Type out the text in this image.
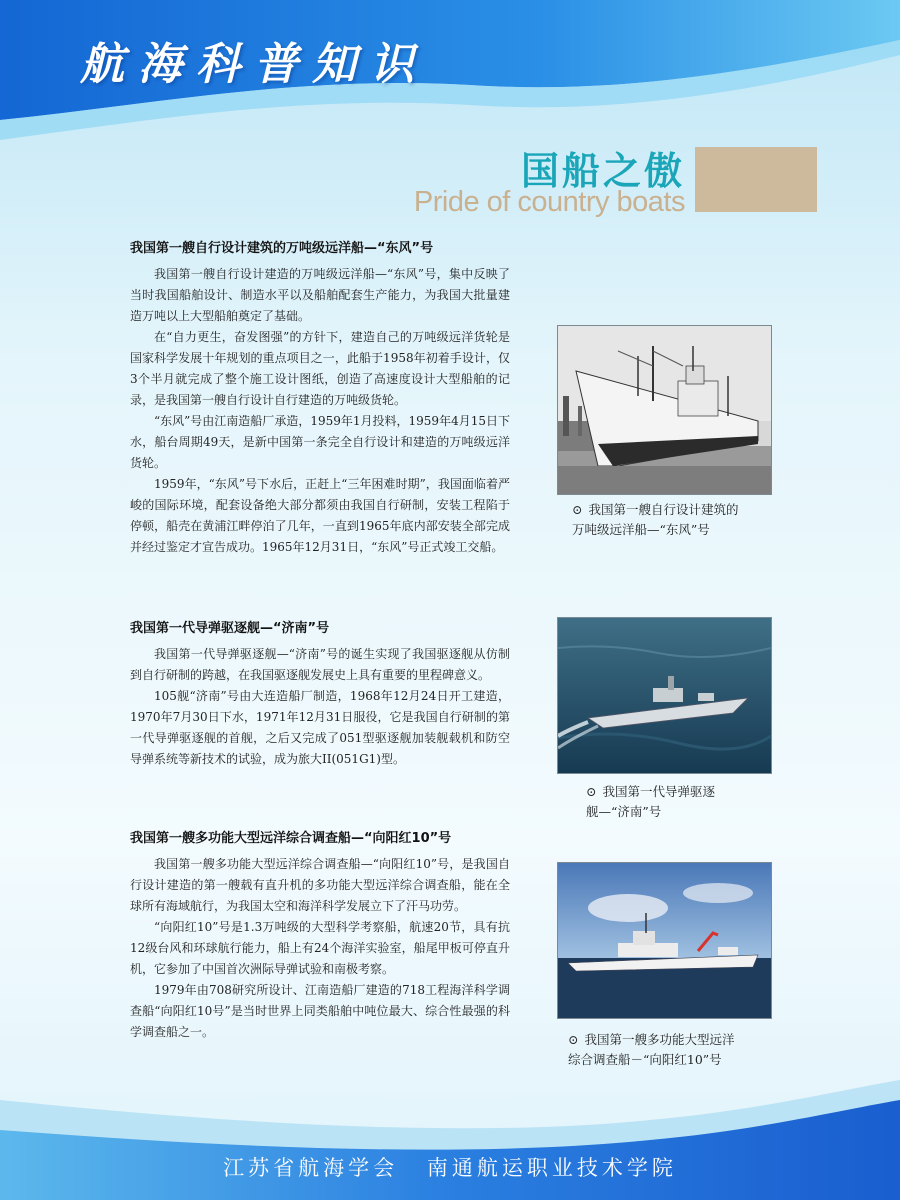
航海科普知识
国船之傲
Pride of country boats
我国第一艘自行设计建筑的万吨级远洋船—“东风”号

我国第一艘自行设计建造的万吨级远洋船—“东风”号，集中反映了当时我国船舶设计、制造水平以及船舶配套生产能力，为我国大批量建造万吨以上大型船舶奠定了基础。

在“自力更生，奋发图强”的方针下，建造自己的万吨级远洋货轮是国家科学发展十年规划的重点项目之一，此船于1958年初着手设计，仅3个半月就完成了整个施工设计图纸，创造了高速度设计大型船舶的记录，是我国第一艘自行设计自行建造的万吨级货轮。

“东风”号由江南造船厂承造，1959年1月投料，1959年4月15日下水，船台周期49天，是新中国第一条完全自行设计和建造的万吨级远洋货轮。

1959年，“东风”号下水后，正赶上“三年困难时期”，我国面临着严峻的国际环境，配套设备绝大部分都须由我国自行研制，安装工程陷于停顿，船壳在黄浦江畔停泊了几年，一直到1965年底内部安装全部完成并经过鉴定才宣告成功。1965年12月31日，“东风”号正式竣工交船。

我国第一代导弹驱逐舰—“济南”号

我国第一代导弹驱逐舰—“济南”号的诞生实现了我国驱逐舰从仿制到自行研制的跨越，在我国驱逐舰发展史上具有重要的里程碑意义。

105舰“济南”号由大连造船厂制造，1968年12月24日开工建造，1970年7月30日下水，1971年12月31日服役，它是我国自行研制的第一代导弹驱逐舰的首舰，之后又完成了051型驱逐舰加装舰载机和防空导弹系统等新技术的试验，成为旅大II(051G1)型。

我国第一艘多功能大型远洋综合调查船—“向阳红10”号

我国第一艘多功能大型远洋综合调查船—“向阳红10”号，是我国自行设计建造的第一艘载有直升机的多功能大型远洋综合调查船，能在全球所有海域航行，为我国太空和海洋科学发展立下了汗马功劳。

“向阳红10”号是1.3万吨级的大型科学考察船，航速20节，具有抗12级台风和环球航行能力，船上有24个海洋实验室，船尾甲板可停直升机，它参加了中国首次洲际导弹试验和南极考察。

1979年由708研究所设计、江南造船厂建造的718工程海洋科学调查船“向阳红10号”是当时世界上同类船舶中吨位最大、综合性最强的科学调查船之一。

⊙ 我国第一艘自行设计建筑的
万吨级远洋船—“东风”号
⊙ 我国第一代导弹驱逐
舰—“济南”号
⊙ 我国第一艘多功能大型远洋
综合调查船－“向阳红10”号
江苏省航海学会 南通航运职业技术学院
